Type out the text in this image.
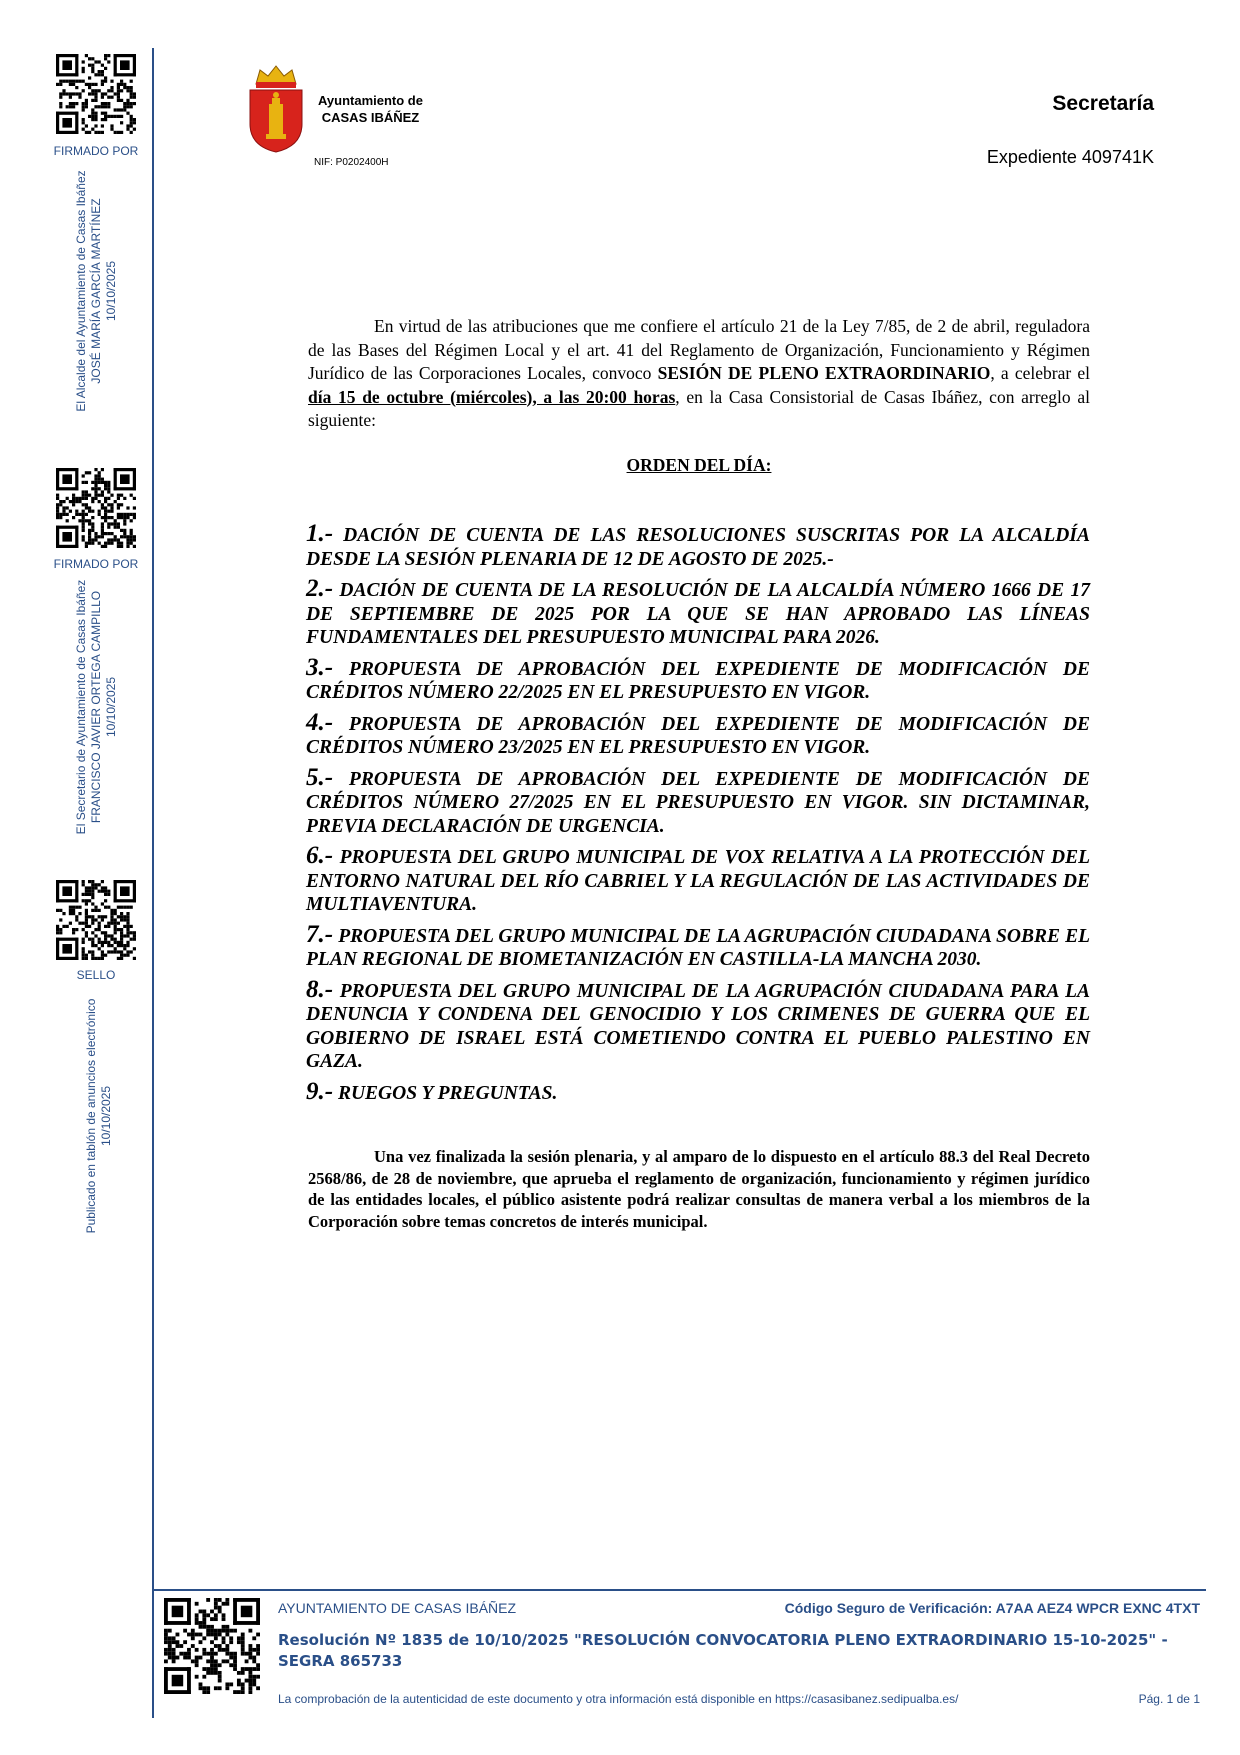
FIRMADO POR
FIRMADO POR
SELLO
El Alcalde del Ayuntamiento de Casas Ibáñez JOSÉ MARÍA GARCÍA MARTÍNEZ 10/10/2025
El Secretario de Ayuntamiento de Casas Ibáñez FRANCISCO JAVIER ORTEGA CAMPILLO 10/10/2025
Publicado en tablón de anuncios electrónico 10/10/2025
Ayuntamiento de
CASAS IBÁÑEZ
NIF: P0202400H
Secretaría
Expediente 409741K

En virtud de las atribuciones que me confiere el artículo 21 de la Ley 7/85, de 2 de abril, reguladora de las Bases del Régimen Local y el art. 41 del Reglamento de Organización, Funcionamiento y Régimen Jurídico de las Corporaciones Locales, convoco SESIÓN DE PLENO EXTRAORDINARIO, a celebrar el día 15 de octubre (miércoles), a las 20:00 horas, en la Casa Consistorial de Casas Ibáñez, con arreglo al siguiente:

ORDEN DEL DÍA:
1.- DACIÓN DE CUENTA DE LAS RESOLUCIONES SUSCRITAS POR LA ALCALDÍA DESDE LA SESIÓN PLENARIA DE 12 DE AGOSTO DE 2025.-
2.- DACIÓN DE CUENTA DE LA RESOLUCIÓN DE LA ALCALDÍA NÚMERO 1666 DE 17 DE SEPTIEMBRE DE 2025 POR LA QUE SE HAN APROBADO LAS LÍNEAS FUNDAMENTALES DEL PRESUPUESTO MUNICIPAL PARA 2026.
3.- PROPUESTA DE APROBACIÓN DEL EXPEDIENTE DE MODIFICACIÓN DE CRÉDITOS NÚMERO 22/2025 EN EL PRESUPUESTO EN VIGOR.
4.- PROPUESTA DE APROBACIÓN DEL EXPEDIENTE DE MODIFICACIÓN DE CRÉDITOS NÚMERO 23/2025 EN EL PRESUPUESTO EN VIGOR.
5.- PROPUESTA DE APROBACIÓN DEL EXPEDIENTE DE MODIFICACIÓN DE CRÉDITOS NÚMERO 27/2025 EN EL PRESUPUESTO EN VIGOR. SIN DICTAMINAR, PREVIA DECLARACIÓN DE URGENCIA.
6.- PROPUESTA DEL GRUPO MUNICIPAL DE VOX RELATIVA A LA PROTECCIÓN DEL ENTORNO NATURAL DEL RÍO CABRIEL Y LA REGULACIÓN DE LAS ACTIVIDADES DE MULTIAVENTURA.
7.- PROPUESTA DEL GRUPO MUNICIPAL DE LA AGRUPACIÓN CIUDADANA SOBRE EL PLAN REGIONAL DE BIOMETANIZACIÓN EN CASTILLA-LA MANCHA 2030.
8.- PROPUESTA DEL GRUPO MUNICIPAL DE LA AGRUPACIÓN CIUDADANA PARA LA DENUNCIA Y CONDENA DEL GENOCIDIO Y LOS CRIMENES DE GUERRA QUE EL GOBIERNO DE ISRAEL ESTÁ COMETIENDO CONTRA EL PUEBLO PALESTINO EN GAZA.
9.- RUEGOS Y PREGUNTAS.

Una vez finalizada la sesión plenaria, y al amparo de lo dispuesto en el artículo 88.3 del Real Decreto 2568/86, de 28 de noviembre, que aprueba el reglamento de organización, funcionamiento y régimen jurídico de las entidades locales, el público asistente podrá realizar consultas de manera verbal a los miembros de la Corporación sobre temas concretos de interés municipal.

AYUNTAMIENTO DE CASAS IBÁÑEZ	Código Seguro de Verificación: A7AA AEZ4 WPCR EXNC 4TXT
Resolución Nº 1835 de 10/10/2025 "RESOLUCIÓN CONVOCATORIA PLENO EXTRAORDINARIO 15-10-2025" - SEGRA 865733
La comprobación de la autenticidad de este documento y otra información está disponible en https://casasibanez.sedipualba.es/	Pág. 1 de 1
